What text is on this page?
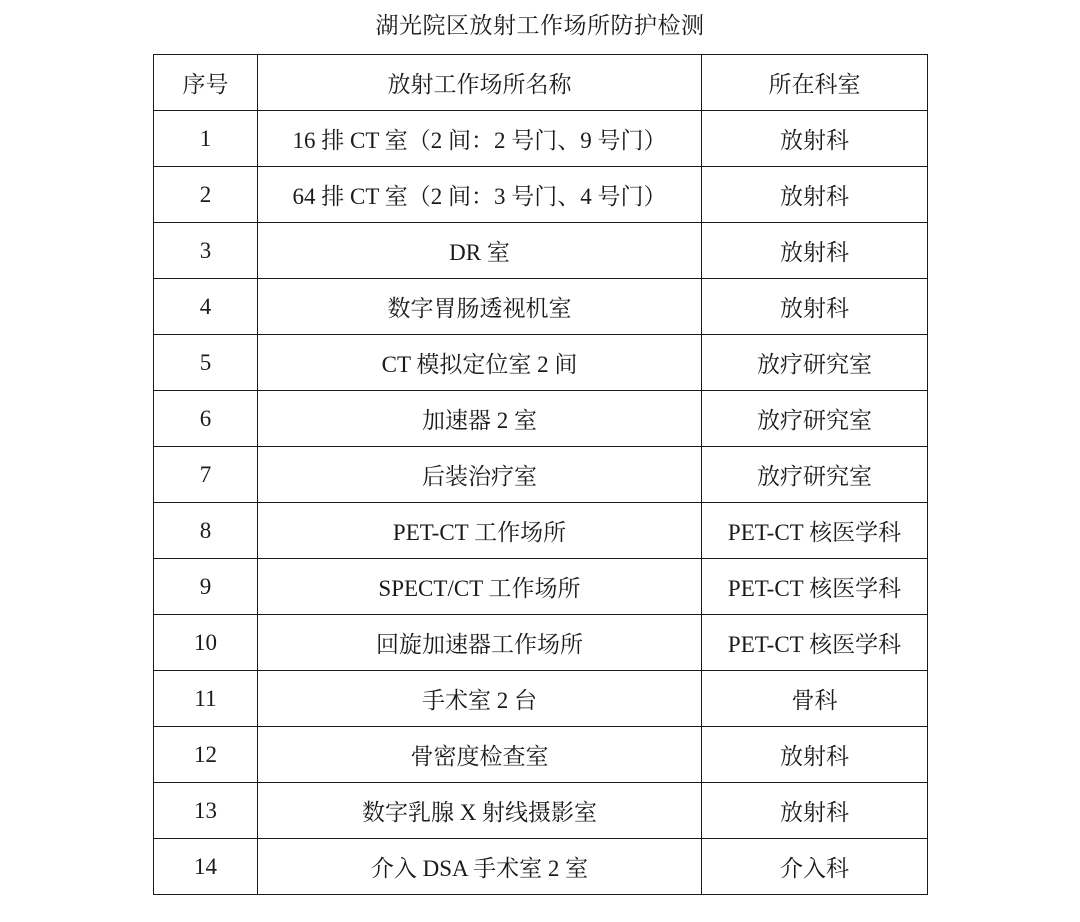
湖光院区放射工作场所防护检测
序号	放射工作场所名称	所在科室
1	16 排 CT 室（2 间：2 号门、9 号门）	放射科
2	64 排 CT 室（2 间：3 号门、4 号门）	放射科
3	DR 室	放射科
4	数字胃肠透视机室	放射科
5	CT 模拟定位室 2 间	放疗研究室
6	加速器 2 室	放疗研究室
7	后装治疗室	放疗研究室
8	PET-CT 工作场所	PET-CT 核医学科
9	SPECT/CT 工作场所	PET-CT 核医学科
10	回旋加速器工作场所	PET-CT 核医学科
11	手术室 2 台	骨科
12	骨密度检查室	放射科
13	数字乳腺 X 射线摄影室	放射科
14	介入 DSA 手术室 2 室	介入科
